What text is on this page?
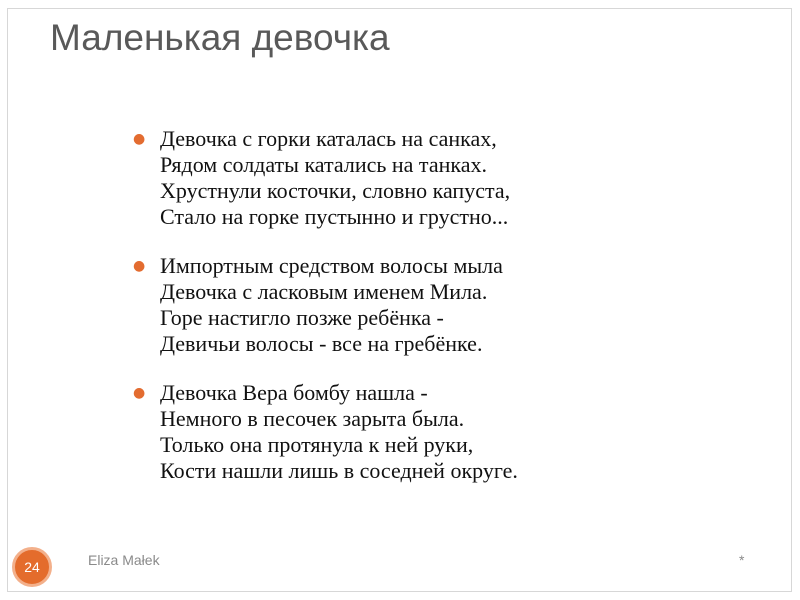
Маленькая девочка
● Девочка с горки каталась на санках,

Рядом солдаты катались на танках.

Хрустнули косточки, словно капуста,

Стало на горке пустынно и грустно...

● Импортным средством волосы мыла

Девочка с ласковым именем Мила.

Горе настигло позже ребёнка -

Девичьи волосы - все на гребёнке.

● Девочка Вера бомбу нашла -

Немного в песочек зарыта была.

Только она протянула к ней руки,

Кости нашли лишь в соседней округе.

24	Eliza Małek	*
